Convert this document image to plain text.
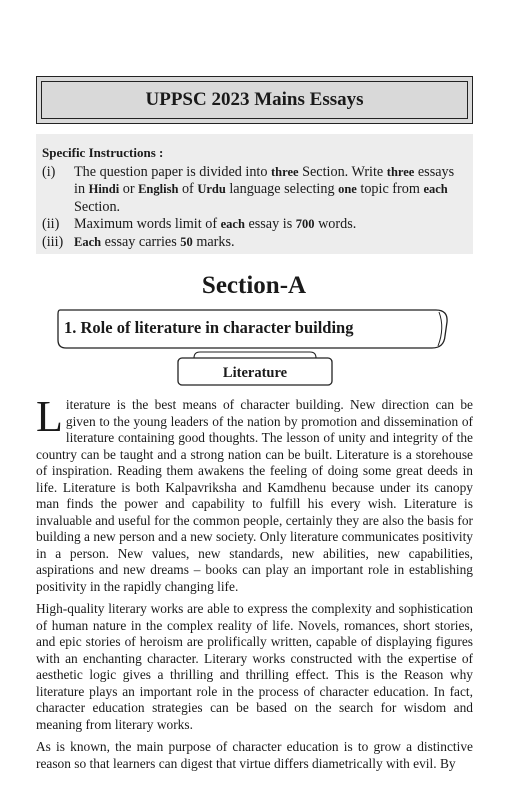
UPPSC 2023 Mains Essays
Specific Instructions :
(i)	The question paper is divided into three Section. Write three essays in Hindi or English of Urdu language selecting one topic from each Section.
(ii)	Maximum words limit of each essay is 700 words.
(iii) Each essay carries 50 marks.
Section-A
1. Role of literature in character building
Literature

Literature is the best means of character building. New direction can be given to the young leaders of the nation by promotion and dissemination of literature containing good thoughts. The lesson of unity and integrity of the country can be taught and a strong nation can be built. Literature is a storehouse of inspiration. Reading them awakens the feeling of doing some great deeds in life. Literature is both Kalpavriksha and Kamdhenu because under its canopy man finds the power and capability to fulfill his every wish. Literature is invaluable and useful for the common people, certainly they are also the basis for building a new person and a new society. Only literature communicates positivity in a person. New values, new standards, new abilities, new capabilities, aspirations and new dreams – books can play an important role in establishing positivity in the rapidly changing life.

High-quality literary works are able to express the complexity and sophistication of human nature in the complex reality of life. Novels, romances, short stories, and epic stories of heroism are prolifically written, capable of displaying figures with an enchanting character. Literary works constructed with the expertise of aesthetic logic gives a thrilling and thrilling effect. This is the Reason why literature plays an important role in the process of character education. In fact, character education strategies can be based on the search for wisdom and meaning from literary works.

As is known, the main purpose of character education is to grow a distinctive reason so that learners can digest that virtue differs diametrically with evil. By
